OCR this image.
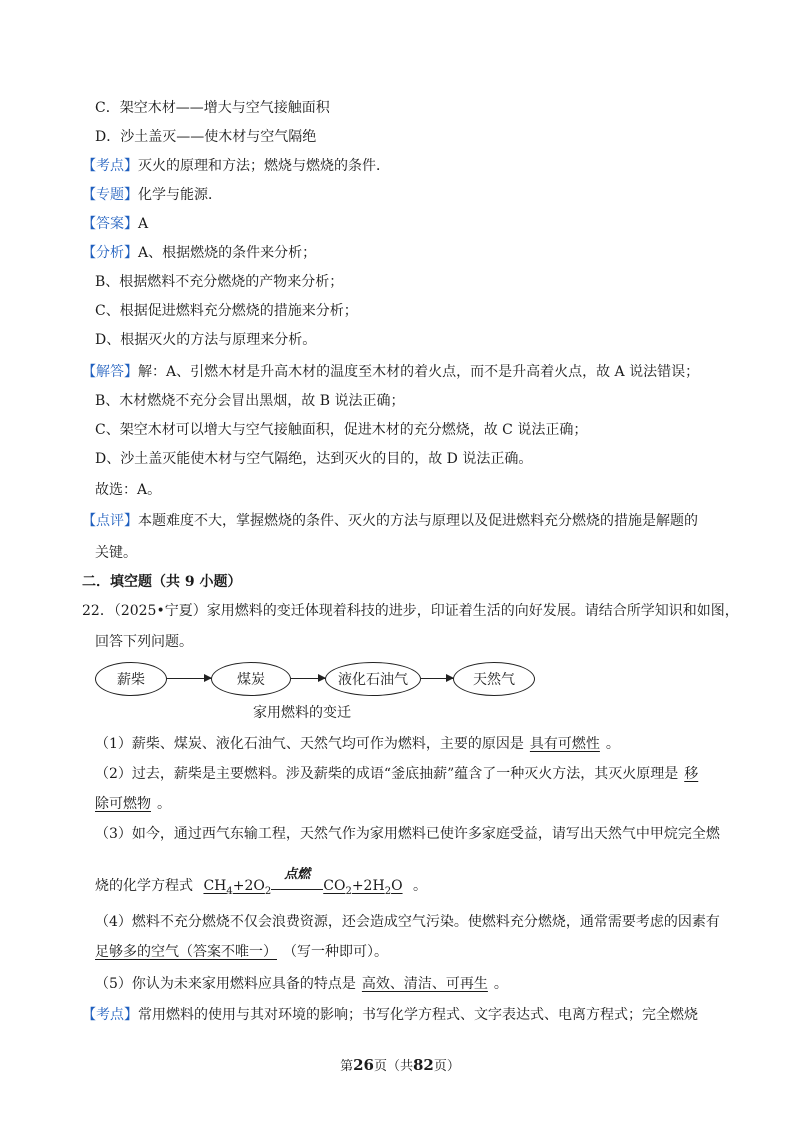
C．架空木材——增大与空气接触面积
D．沙土盖灭——使木材与空气隔绝
【考点】灭火的原理和方法；燃烧与燃烧的条件．
【专题】化学与能源．
【答案】A
【分析】A、根据燃烧的条件来分析；
B、根据燃料不充分燃烧的产物来分析；
C、根据促进燃料充分燃烧的措施来分析；
D、根据灭火的方法与原理来分析。
【解答】解：A、引燃木材是升高木材的温度至木材的着火点，而不是升高着火点，故 A 说法错误；
B、木材燃烧不充分会冒出黑烟，故 B 说法正确；
C、架空木材可以增大与空气接触面积，促进木材的充分燃烧，故 C 说法正确；
D、沙土盖灭能使木材与空气隔绝，达到灭火的目的，故 D 说法正确。
故选：A。
【点评】本题难度不大，掌握燃烧的条件、灭火的方法与原理以及促进燃料充分燃烧的措施是解题的
关键。
二．填空题（共 9 小题）
22．（2025•宁夏）家用燃料的变迁体现着科技的进步，印证着生活的向好发展。请结合所学知识和如图，
回答下列问题。
薪柴	煤炭	液化石油气	天然气
家用燃料的变迁
（1）薪柴、煤炭、液化石油气、天然气均可作为燃料，主要的原因是 具有可燃性 。
（2）过去，薪柴是主要燃料。涉及薪柴的成语“釜底抽薪”蕴含了一种灭火方法，其灭火原理是 移
除可燃物 。
（3）如今，通过西气东输工程，天然气作为家用燃料已使许多家庭受益，请写出天然气中甲烷完全燃
烧的化学方程式 $CH_4+2O_2$
点燃
$CO_2+2H_2O$ 。
（4）燃料不充分燃烧不仅会浪费资源，还会造成空气污染。使燃料充分燃烧，通常需要考虑的因素有
足够多的空气（答案不唯一） （写一种即可）。
（5）你认为未来家用燃料应具备的特点是 高效、清洁、可再生 。
【考点】常用燃料的使用与其对环境的影响；书写化学方程式、文字表达式、电离方程式；完全燃烧
第26页（共82页）
